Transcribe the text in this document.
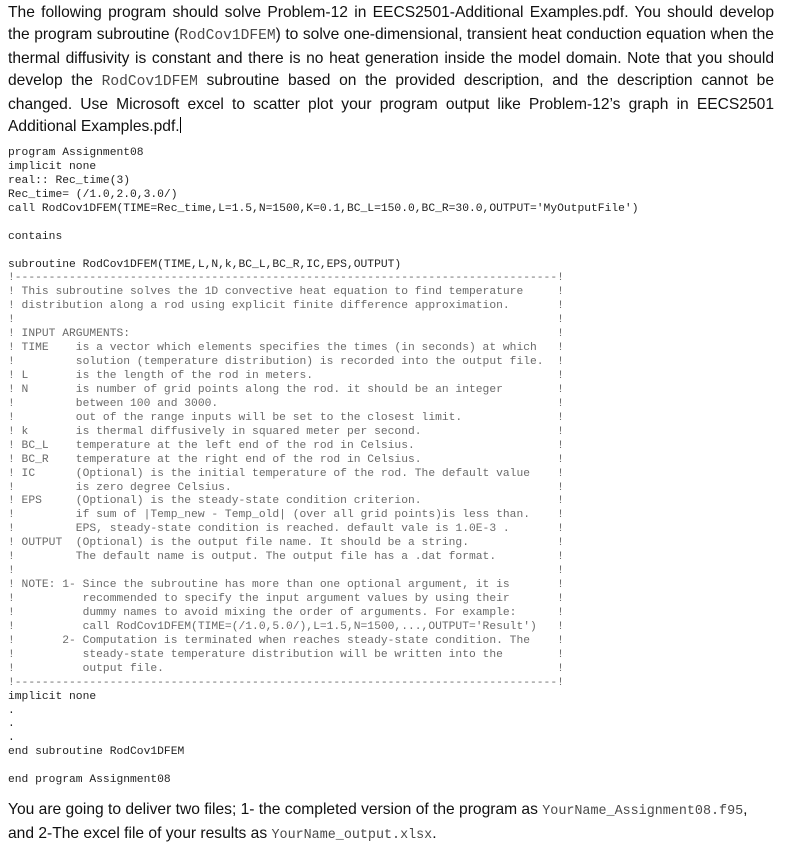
The following program should solve Problem-12 in EECS2501-Additional Examples.pdf. You should develop the program subroutine (RodCov1DFEM) to solve one-dimensional, transient heat conduction equation when the thermal diffusivity is constant and there is no heat generation inside the model domain. Note that you should develop the RodCov1DFEM subroutine based on the provided description, and the description cannot be changed. Use Microsoft excel to scatter plot your program output like Problem-12’s graph in EECS2501 Additional Examples.pdf.

program Assignment08
implicit none
real:: Rec_time(3)
Rec_time= (/1.0,2.0,3.0/)
call RodCov1DFEM(TIME=Rec_time,L=1.5,N=1500,K=0.1,BC_L=150.0,BC_R=30.0,OUTPUT='MyOutputFile')

contains

subroutine RodCov1DFEM(TIME,L,N,k,BC_L,BC_R,IC,EPS,OUTPUT)
!--------------------------------------------------------------------------------!
! This subroutine solves the 1D convective heat equation to find temperature     !
! distribution along a rod using explicit finite difference approximation.       !
!                                                                                !
! INPUT ARGUMENTS:                                                               !
! TIME    is a vector which elements specifies the times (in seconds) at which   !
!         solution (temperature distribution) is recorded into the output file.  !
! L       is the length of the rod in meters.                                    !
! N       is number of grid points along the rod. it should be an integer        !
!         between 100 and 3000.                                                  !
!         out of the range inputs will be set to the closest limit.              !
! k       is thermal diffusively in squared meter per second.                    !
! BC_L    temperature at the left end of the rod in Celsius.                     !
! BC_R    temperature at the right end of the rod in Celsius.                    !
! IC      (Optional) is the initial temperature of the rod. The default value    !
!         is zero degree Celsius.                                                !
! EPS     (Optional) is the steady-state condition criterion.                    !
!         if sum of |Temp_new - Temp_old| (over all grid points)is less than.    !
!         EPS, steady-state condition is reached. default vale is 1.0E-3 .       !
! OUTPUT  (Optional) is the output file name. It should be a string.             !
!         The default name is output. The output file has a .dat format.         !
!                                                                                !
! NOTE: 1- Since the subroutine has more than one optional argument, it is       !
!          recommended to specify the input argument values by using their       !
!          dummy names to avoid mixing the order of arguments. For example:      !
!          call RodCov1DFEM(TIME=(/1.0,5.0/),L=1.5,N=1500,...,OUTPUT='Result')   !
!       2- Computation is terminated when reaches steady-state condition. The    !
!          steady-state temperature distribution will be written into the        !
!          output file.                                                          !
!--------------------------------------------------------------------------------!
implicit none
.
.
.
end subroutine RodCov1DFEM

end program Assignment08

You are going to deliver two files; 1- the completed version of the program as YourName_Assignment08.f95,
and 2-The excel file of your results as YourName_output.xlsx.
